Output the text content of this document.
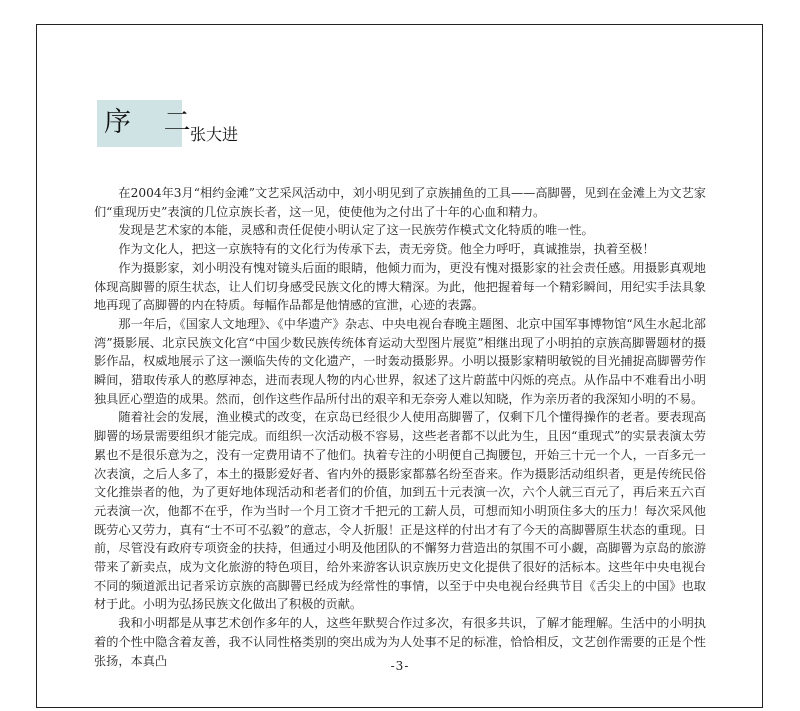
序 二
张大进

在2004年3月“相约金滩”文艺采风活动中，刘小明见到了京族捕鱼的工具——高脚罾，见到在金滩上为文艺家们“重现历史”表演的几位京族长者，这一见，使使他为之付出了十年的心血和精力。

发现是艺术家的本能，灵感和责任促使小明认定了这一民族劳作模式文化特质的唯一性。

作为文化人，把这一京族特有的文化行为传承下去，责无旁贷。他全力呼吁，真诚推崇，执着至极！

作为摄影家，刘小明没有愧对镜头后面的眼睛，他倾力而为，更没有愧对摄影家的社会责任感。用摄影真观地体现高脚罾的原生状态，让人们切身感受民族文化的博大精深。为此，他把握着每一个精彩瞬间，用纪实手法具象地再现了高脚罾的内在特质。每幅作品都是他情感的宣泄，心迹的表露。

那一年后，《国家人文地理》、《中华遗产》杂志、中央电视台春晚主题图、北京中国军事博物馆“风生水起北部湾”摄影展、北京民族文化宫“中国少数民族传统体育运动大型图片展览”相继出现了小明拍的京族高脚罾题材的摄影作品，权威地展示了这一濒临失传的文化遗产，一时轰动摄影界。小明以摄影家精明敏锐的目光捕捉高脚罾劳作瞬间，猎取传承人的憨厚神态，进而表现人物的内心世界，叙述了这片蔚蓝中闪烁的亮点。从作品中不难看出小明独具匠心塑造的成果。然而，创作这些作品所付出的艰辛和无奈旁人难以知晓，作为亲历者的我深知小明的不易。

随着社会的发展，渔业模式的改变，在京岛已经很少人使用高脚罾了，仅剩下几个懂得操作的老者。要表现高脚罾的场景需要组织才能完成。而组织一次活动极不容易，这些老者都不以此为生，且因“重现式”的实景表演太劳累也不是很乐意为之，没有一定费用请不了他们。执着专注的小明便自己掏腰包，开始三十元一个人，一百多元一次表演，之后人多了，本土的摄影爱好者、省内外的摄影家都慕名纷至沓来。作为摄影活动组织者，更是传统民俗文化推崇者的他，为了更好地体现活动和老者们的价值，加到五十元表演一次，六个人就三百元了，再后来五六百元表演一次，他都不在乎，作为当时一个月工资才千把元的工薪人员，可想而知小明顶住多大的压力！每次采风他既劳心又劳力，真有“士不可不弘毅”的意志，令人折服！正是这样的付出才有了今天的高脚罾原生状态的重现。日前，尽管没有政府专项资金的扶持，但通过小明及他团队的不懈努力营造出的氛围不可小觑，高脚罾为京岛的旅游带来了新卖点，成为文化旅游的特色项目，给外来游客认识京族历史文化提供了很好的活标本。这些年中央电视台不同的频道派出记者采访京族的高脚罾已经成为经常性的事情，以至于中央电视台经典节目《舌尖上的中国》也取材于此。小明为弘扬民族文化做出了积极的贡献。

我和小明都是从事艺术创作多年的人，这些年默契合作过多次，有很多共识，了解才能理解。生活中的小明执着的个性中隐含着友善，我不认同性格类别的突出成为为人处事不足的标准，恰恰相反，文艺创作需要的正是个性张扬，本真凸	-3-
